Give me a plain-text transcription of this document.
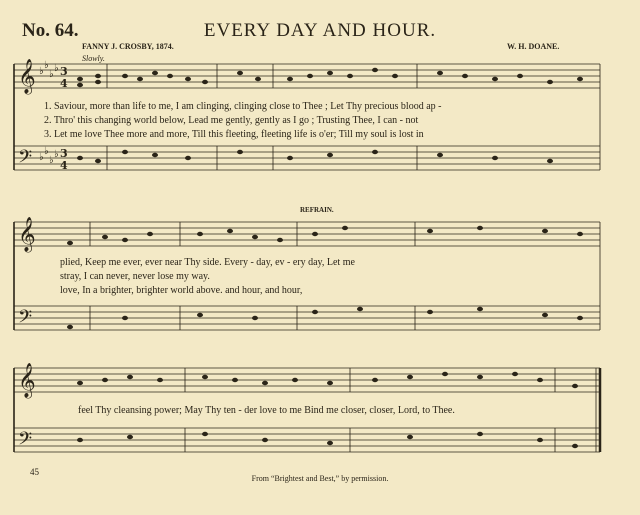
𝄞
𝄢
♭
♭
♭
♭
♭
♭
♭
♭
3
4
3
4
𝄞
𝄢
𝄞
𝄢
No. 64.	EVERY DAY AND HOUR.
FANNY J. CROSBY, 1874.	W. H. DOANE.
Slowly.
REFRAIN.
1. Saviour, more than life to me, I am clinging, clinging close to Thee ; Let Thy precious blood ap -
2. Thro' this changing world below, Lead me gently, gently as I go ; Trusting Thee, I can - not
3. Let me love Thee more and more, Till this fleeting, fleeting life is o'er; Till my soul is lost in
plied, Keep me ever, ever near Thy side. Every - day, ev - ery day, Let me
stray, I can never, never lose my way.
love, In a brighter, brighter world above. and hour, and hour,
feel Thy cleansing power; May Thy ten - der love to me Bind me closer, closer, Lord, to Thee.
45
From “Brightest and Best,” by permission.
